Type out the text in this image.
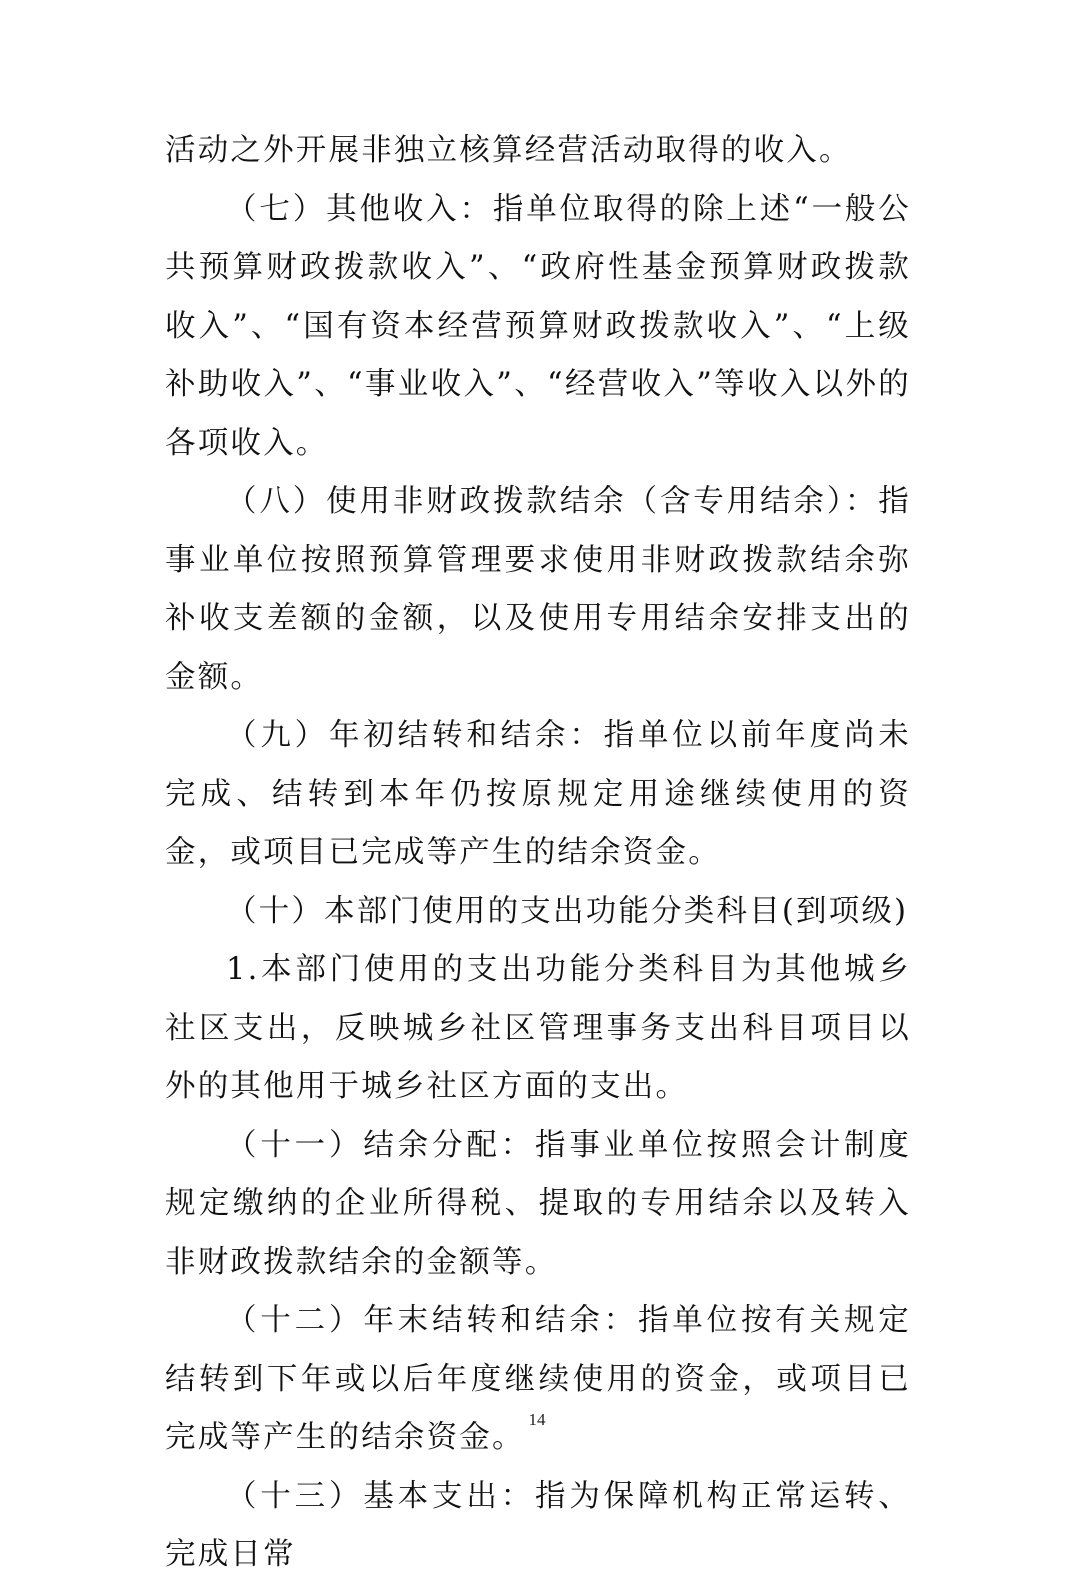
活动之外开展非独立核算经营活动取得的收入。

（七）其他收入：指单位取得的除上述“一般公共预算财政拨款收入”、“政府性基金预算财政拨款收入”、“国有资本经营预算财政拨款收入”、“上级补助收入”、“事业收入”、“经营收入”等收入以外的各项收入。

（八）使用非财政拨款结余（含专用结余）：指事业单位按照预算管理要求使用非财政拨款结余弥补收支差额的金额，以及使用专用结余安排支出的金额。

（九）年初结转和结余：指单位以前年度尚未完成、结转到本年仍按原规定用途继续使用的资金，或项目已完成等产生的结余资金。

（十）本部门使用的支出功能分类科目(到项级)

1.本部门使用的支出功能分类科目为其他城乡社区支出，反映城乡社区管理事务支出科目项目以外的其他用于城乡社区方面的支出。

（十一）结余分配：指事业单位按照会计制度规定缴纳的企业所得税、提取的专用结余以及转入非财政拨款结余的金额等。

（十二）年末结转和结余：指单位按有关规定结转到下年或以后年度继续使用的资金，或项目已完成等产生的结余资金。

（十三）基本支出：指为保障机构正常运转、完成日常

14
